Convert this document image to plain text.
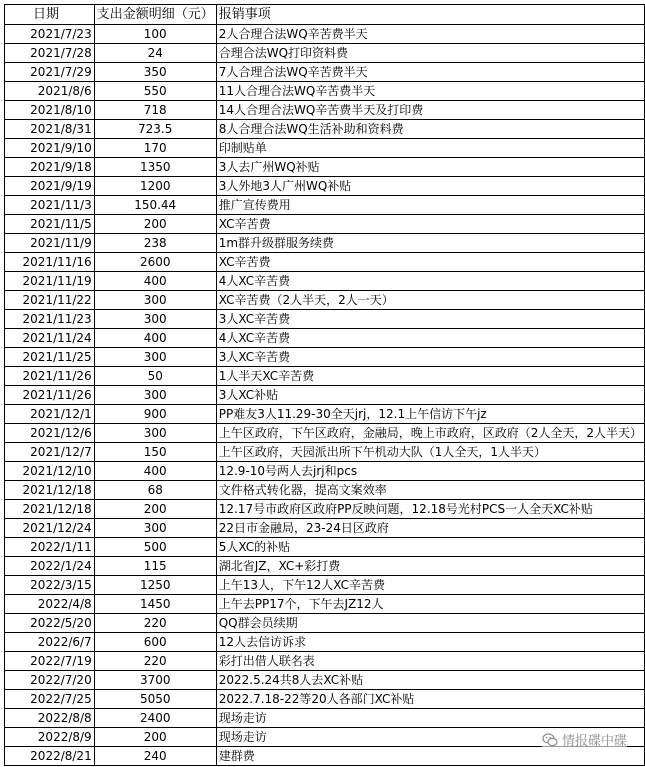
日期	支出金额明细（元）	报销事项
2021/7/23	100	2人合理合法WQ辛苦费半天
2021/7/28	24	合理合法WQ打印资料费
2021/7/29	350	7人合理合法WQ辛苦费半天
2021/8/6	550	11人合理合法WQ辛苦费半天
2021/8/10	718	14人合理合法WQ辛苦费半天及打印费
2021/8/31	723.5	8人合理合法WQ生活补助和资料费
2021/9/10	170	印制贴单
2021/9/18	1350	3人去广州WQ补贴
2021/9/19	1200	3人外地3人广州WQ补贴
2021/11/3	150.44	推广宣传费用
2021/11/5	200	XC辛苦费
2021/11/9	238	1m群升级群服务续费
2021/11/16	2600	XC辛苦费
2021/11/19	400	4人XC辛苦费
2021/11/22	300	XC辛苦费（2人半天，2人一天）
2021/11/23	300	3人XC辛苦费
2021/11/24	400	4人XC辛苦费
2021/11/25	300	3人XC辛苦费
2021/11/26	50	1人半天XC辛苦费
2021/11/26	300	3人XC补贴
2021/12/1	900	PP难友3人11.29-30全天jrj，12.1上午信访下午jz
2021/12/6	300	上午区政府，下午区政府，金融局，晚上市政府，区政府（2人全天，2人半天）
2021/12/7	150	上午区政府，天园派出所下午机动大队（1人全天，1人半天）
2021/12/10	400	12.9-10号两人去jrj和pcs
2021/12/18	68	文件格式转化器，提高文案效率
2021/12/18	200	12.17号市政府区政府PP反映问题，12.18号光村PCS一人全天XC补贴
2021/12/24	300	22日市金融局，23-24日区政府
2022/1/11	500	5人XC的补贴
2022/1/24	115	湖北省JZ，XC+彩打费
2022/3/15	1250	上午13人，下午12人XC辛苦费
2022/4/8	1450	上午去PP17个，下午去JZ12人
2022/5/20	220	QQ群会员续期
2022/6/7	600	12人去信访诉求
2022/7/19	220	彩打出借人联名表
2022/7/20	3700	2022.5.24共8人去XC补贴
2022/7/25	5050	2022.7.18-22等20人各部门XC补贴
2022/8/8	2400	现场走访
2022/8/9	200	现场走访
2022/8/21	240	建群费
情报碟中碟
